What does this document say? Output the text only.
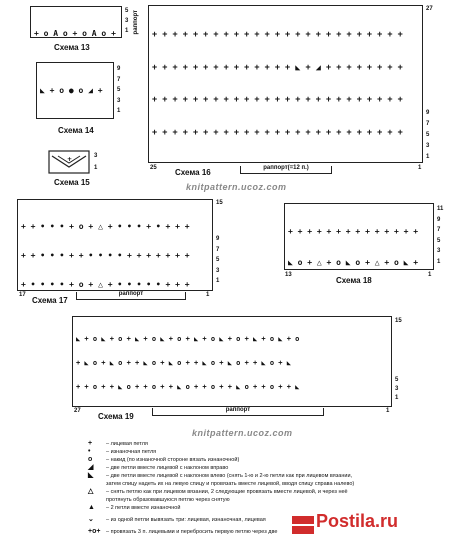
+ o A o + o A o +

5
3
1 раппорт
Схема 13

◣ + o ● o ◢ +

9
7
5
3
1
Схема 14
+	3
1
Схема 15

+ + + + + + + + + + + + + + + + + + + + + + + + +

+ + + + + + + + + + + + + + ◣ + ◢ + + + + + + + +

+ + + + + + + + + + + + + + + + + + + + + + + + +

+ + + + + + + + + + + + + + + + + + + + + + + + +

27
9
7
5
3
1
25	1
раппорт(=12 п.)
Схема 16
knitpattern.ucoz.com

+ + • • • + o + △ + • • • + • + + +

+ + • • • + + • • • • + + + + + + +

+ • • • • + o + △ + • • • • • + + +

15
9
7
5
3
1
17	1
раппорт
Схема 17

+ + + + + + + + + + + + + +

◣ o + △ + o ◣ o + △ + o ◣ +

11
9
7
5
3
1
13	1
Схема 18

◣ + o ◣ + o + ◣ + o ◣ + o + ◣ + o ◣ + o + ◣ + o ◣ + o

+ ◣ o + ◣ o + + ◣ o + ◣ o + + ◣ o + ◣ o + + ◣ o + ◣

+ + o + + ◣ o + + o + + ◣ o + + o + + ◣ o + + o + + ◣

15
5
3
1
27	1
раппорт
Схема 19
knitpattern.ucoz.com
+	– лицевая петля
•	– изнаночная петля
o	– накид (по изнаночной стороне вязать изнаночной)
◢	– две петли вместе лицевой с наклоном вправо
◣	– две петли вместе лицевой с наклоном влево (снять 1-ю и 2-ю петли как при лицевом вязании, затем спицу надеть их на левую спицу и провязать вместе лицевой, вводя спицу справа налево)
△	– снять петлю как при лицевом вязании, 2 следующие провязать вместе лицевой, и через неё протянуть образовавшуюся петлю через снятую
▲	– 2 петли вместе изнаночной
⌄	– из одной петли вывязать три: лицевая, изнаночная, лицевая
+o+	– провязать 3 п. лицевыми и перебросить первую петлю через две
Postila.ru
